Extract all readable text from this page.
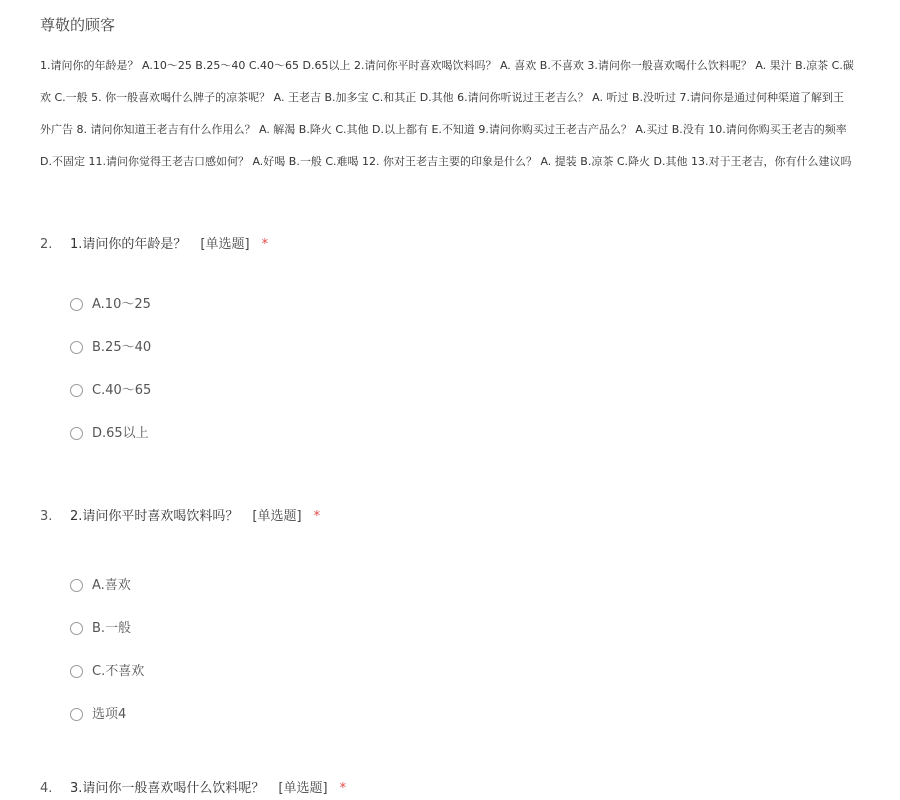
尊敬的顾客
1.请问你的年龄是？ A.10～25 B.25～40 C.40～65 D.65以上 2.请问你平时喜欢喝饮料吗？ A. 喜欢 B.不喜欢 3.请问你一般喜欢喝什么饮料呢？ A. 果汁 B.凉茶 C.碳
欢 C.一般 5. 你一般喜欢喝什么牌子的凉茶呢？ A. 王老吉 B.加多宝 C.和其正 D.其他 6.请问你听说过王老吉么？ A. 听过 B.没听过 7.请问你是通过何种渠道了解到王
外广告 8. 请问你知道王老吉有什么作用么？ A. 解渴 B.降火 C.其他 D.以上都有 E.不知道 9.请问你购买过王老吉产品么？ A.买过 B.没有 10.请问你购买王老吉的频率
D.不固定 11.请问你觉得王老吉口感如何？ A.好喝 B.一般 C.难喝 12. 你对王老吉主要的印象是什么？ A. 提装 B.凉茶 C.降火 D.其他 13.对于王老吉，你有什么建议吗
2. 1.请问你的年龄是？ [单选题] *
A.10～25
B.25～40
C.40～65
D.65以上
3. 2.请问你平时喜欢喝饮料吗？ [单选题] *
A.喜欢
B.一般
C.不喜欢
选项4
4. 3.请问你一般喜欢喝什么饮料呢？ [单选题] *
